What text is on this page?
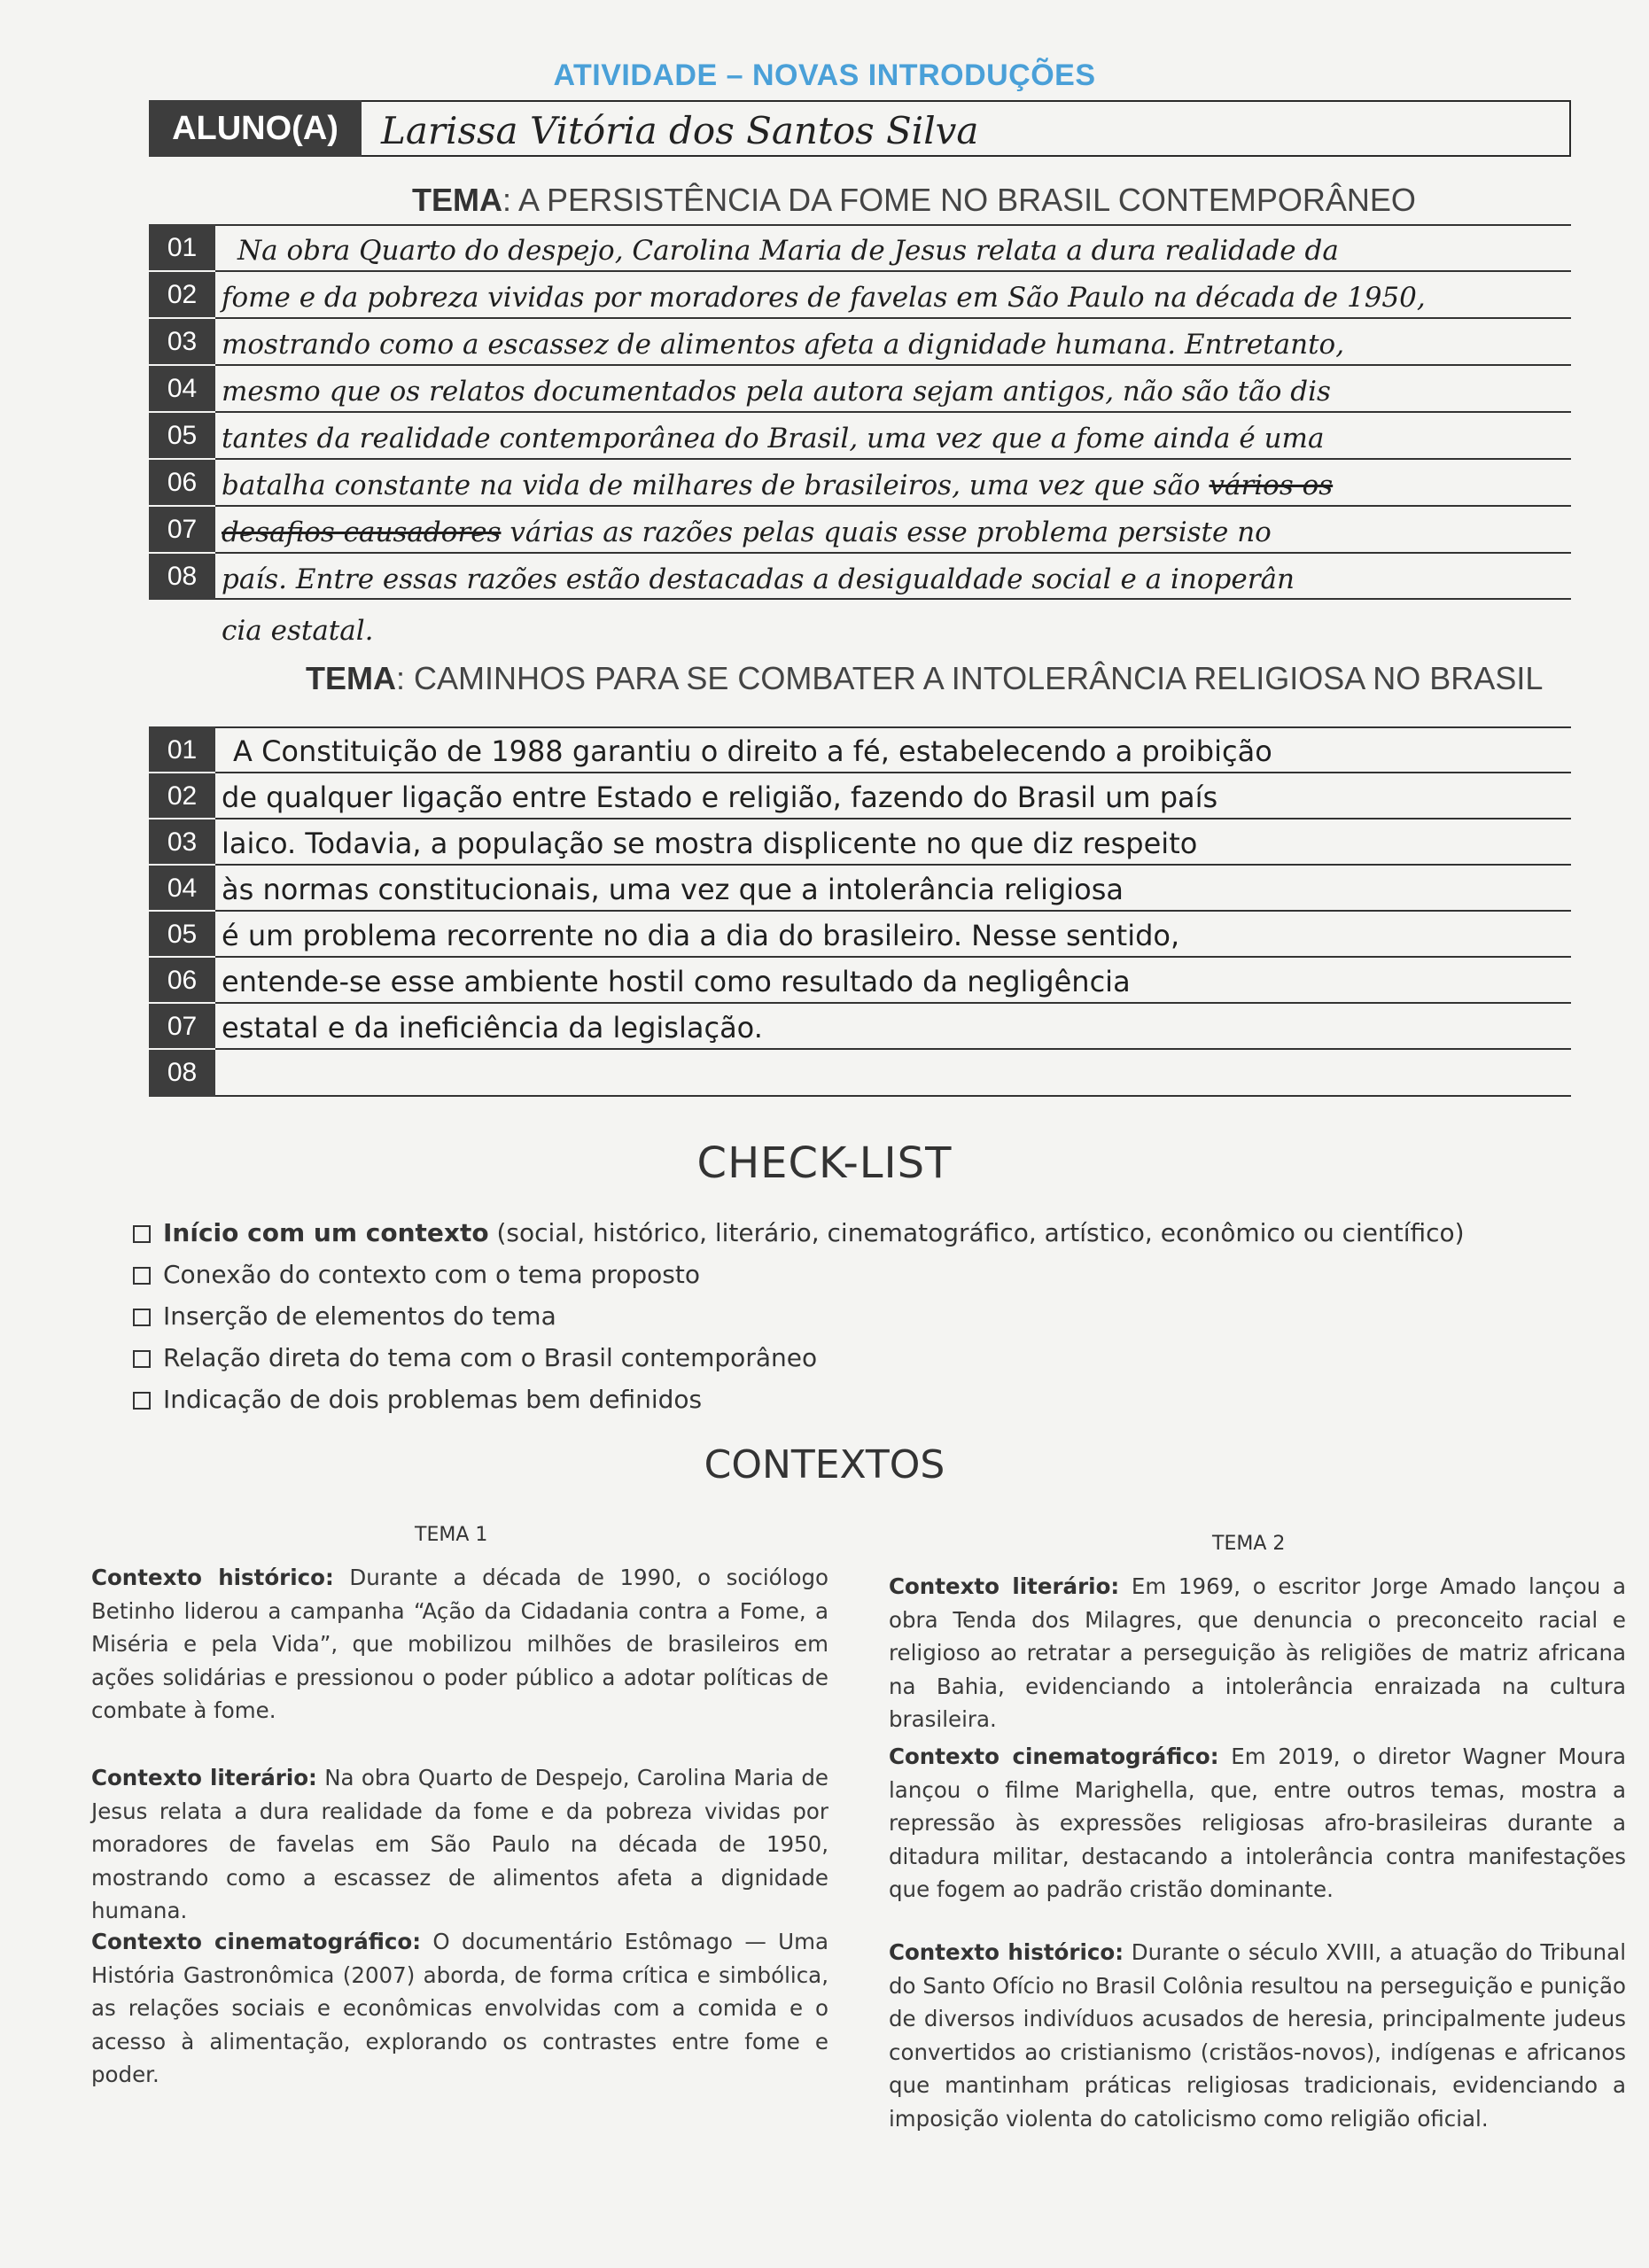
ATIVIDADE – NOVAS INTRODUÇÕES
ALUNO(A)	Larissa Vitória dos Santos Silva
TEMA: A PERSISTÊNCIA DA FOME NO BRASIL CONTEMPORÂNEO
01
02
03
04
05
06
07
08
Na obra Quarto do despejo, Carolina Maria de Jesus relata a dura realidade da
fome e da pobreza vividas por moradores de favelas em São Paulo na década de 1950,
mostrando como a escassez de alimentos afeta a dignidade humana. Entretanto,
mesmo que os relatos documentados pela autora sejam antigos, não são tão dis
tantes da realidade contemporânea do Brasil, uma vez que a fome ainda é uma
batalha constante na vida de milhares de brasileiros, uma vez que são vários os
desafios causadores várias as razões pelas quais esse problema persiste no
país. Entre essas razões estão destacadas a desigualdade social e a inoperân
cia estatal.
TEMA: CAMINHOS PARA SE COMBATER A INTOLERÂNCIA RELIGIOSA NO BRASIL
01
02
03
04
05
06
07
08
A Constituição de 1988 garantiu o direito a fé, estabelecendo a proibição
de qualquer ligação entre Estado e religião, fazendo do Brasil um país
laico. Todavia, a população se mostra displicente no que diz respeito
às normas constitucionais, uma vez que a intolerância religiosa
é um problema recorrente no dia a dia do brasileiro. Nesse sentido,
entende-se esse ambiente hostil como resultado da negligência
estatal e da ineficiência da legislação.
CHECK-LIST
Início com um contexto (social, histórico, literário, cinematográfico, artístico, econômico ou científico)
Conexão do contexto com o tema proposto
Inserção de elementos do tema
Relação direta do tema com o Brasil contemporâneo
Indicação de dois problemas bem definidos
CONTEXTOS
TEMA 1	TEMA 2
Contexto histórico: Durante a década de 1990, o sociólogo Betinho liderou a campanha “Ação da Cidadania contra a Fome, a Miséria e pela Vida”, que mobilizou milhões de brasileiros em ações solidárias e pressionou o poder público a adotar políticas de combate à fome.
Contexto literário: Na obra Quarto de Despejo, Carolina Maria de Jesus relata a dura realidade da fome e da pobreza vividas por moradores de favelas em São Paulo na década de 1950, mostrando como a escassez de alimentos afeta a dignidade humana.
Contexto cinematográfico: O documentário Estômago — Uma História Gastronômica (2007) aborda, de forma crítica e simbólica, as relações sociais e econômicas envolvidas com a comida e o acesso à alimentação, explorando os contrastes entre fome e poder.
Contexto literário: Em 1969, o escritor Jorge Amado lançou a obra Tenda dos Milagres, que denuncia o preconceito racial e religioso ao retratar a perseguição às religiões de matriz africana na Bahia, evidenciando a intolerância enraizada na cultura brasileira.
Contexto cinematográfico: Em 2019, o diretor Wagner Moura lançou o filme Marighella, que, entre outros temas, mostra a repressão às expressões religiosas afro-brasileiras durante a ditadura militar, destacando a intolerância contra manifestações que fogem ao padrão cristão dominante.
Contexto histórico: Durante o século XVIII, a atuação do Tribunal do Santo Ofício no Brasil Colônia resultou na perseguição e punição de diversos indivíduos acusados de heresia, principalmente judeus convertidos ao cristianismo (cristãos-novos), indígenas e africanos que mantinham práticas religiosas tradicionais, evidenciando a imposição violenta do catolicismo como religião oficial.
